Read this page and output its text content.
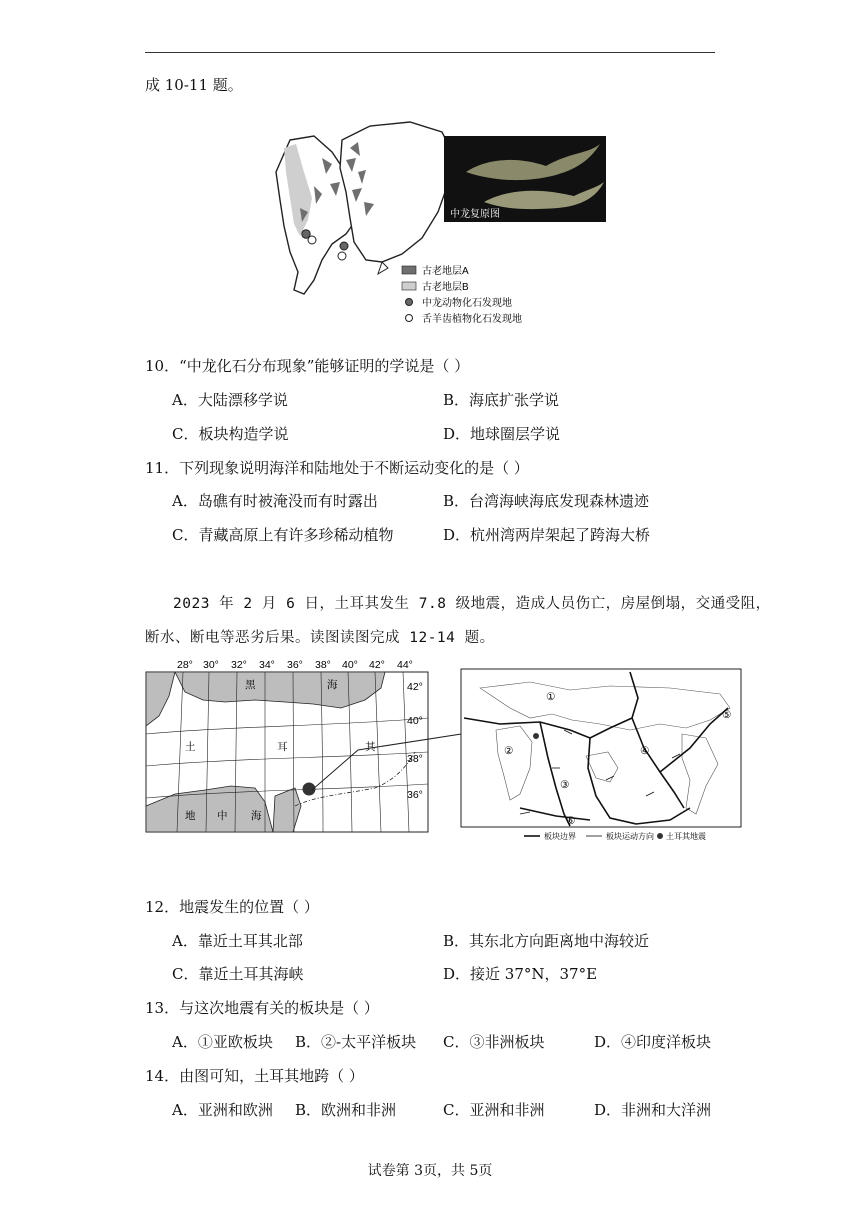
成 10-11 题。
中龙复原图
古老地层A
古老地层B
中龙动物化石发现地
舌羊齿植物化石发现地
10．“中龙化石分布现象”能够证明的学说是（ ）
A．大陆漂移学说	B．海底扩张学说
C．板块构造学说	D．地球圈层学说
11．下列现象说明海洋和陆地处于不断运动变化的是（ ）
A．岛礁有时被淹没而有时露出	B．台湾海峡海底发现森林遗迹
C．青藏高原上有许多珍稀动植物	D．杭州湾两岸架起了跨海大桥
2023 年 2 月 6 日，土耳其发生 7.8 级地震，造成人员伤亡，房屋倒塌，交通受阻，
断水、断电等恶劣后果。读图读图完成 12-14 题。
28° 30° 32° 34° 36° 38° 40° 42° 44°
42°
40°
38°
36°
黑	海
土	耳	其
地 中 海
①
②
③
④
⑤
⑥
板块边界	板块运动方向 土耳其地震
12．地震发生的位置（ ）
A．靠近土耳其北部	B．其东北方向距离地中海较近
C．靠近土耳其海峡	D．接近 37°N，37°E
13．与这次地震有关的板块是（ ）
A．①亚欧板块 B．②-太平洋板块 C．③非洲板块	D．④印度洋板块
14．由图可知，土耳其地跨（ ）
A．亚洲和欧洲 B．欧洲和非洲	C．亚洲和非洲	D．非洲和大洋洲
试卷第 3页，共 5页
